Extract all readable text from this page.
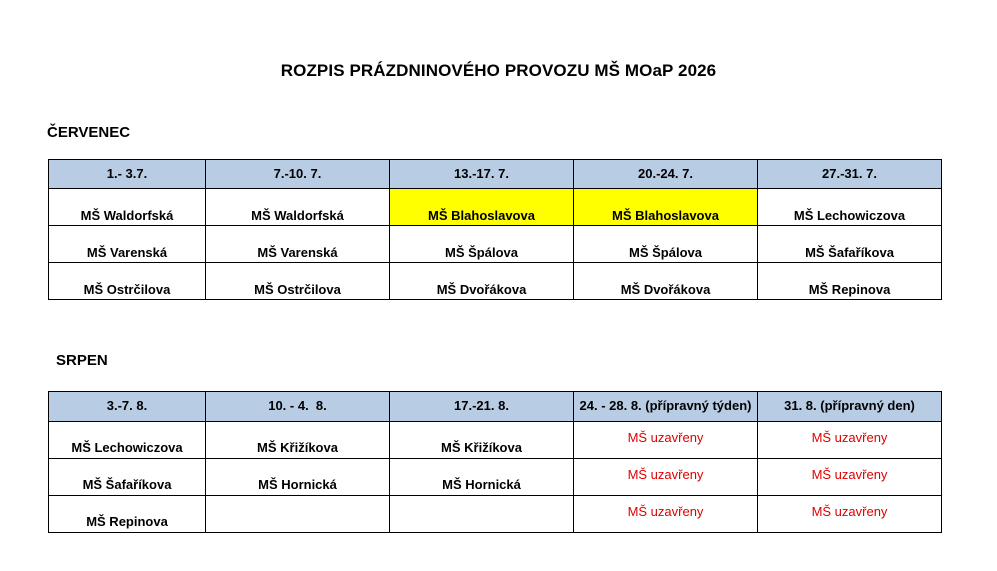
ROZPIS PRÁZDNINOVÉHO PROVOZU MŠ MOaP 2026
ČERVENEC
1.- 3.7.	7.-10. 7.	13.-17. 7.	20.-24. 7.	27.-31. 7.
MŠ Waldorfská	MŠ Waldorfská	MŠ Blahoslavova	MŠ Blahoslavova	MŠ Lechowiczova
MŠ Varenská	MŠ Varenská	MŠ Špálova	MŠ Špálova	MŠ Šafaříkova
MŠ Ostrčilova	MŠ Ostrčilova	MŠ Dvořákova	MŠ Dvořákova	MŠ Repinova
SRPEN
3.-7. 8.	10. - 4.  8.	17.-21. 8.	24. - 28. 8. (přípravný týden)	31. 8. (přípravný den)
MŠ Lechowiczova	MŠ Křižíkova	MŠ Křižíkova	MŠ uzavřeny	MŠ uzavřeny
MŠ Šafaříkova	MŠ Hornická	MŠ Hornická	MŠ uzavřeny	MŠ uzavřeny
MŠ Repinova			MŠ uzavřeny	MŠ uzavřeny
